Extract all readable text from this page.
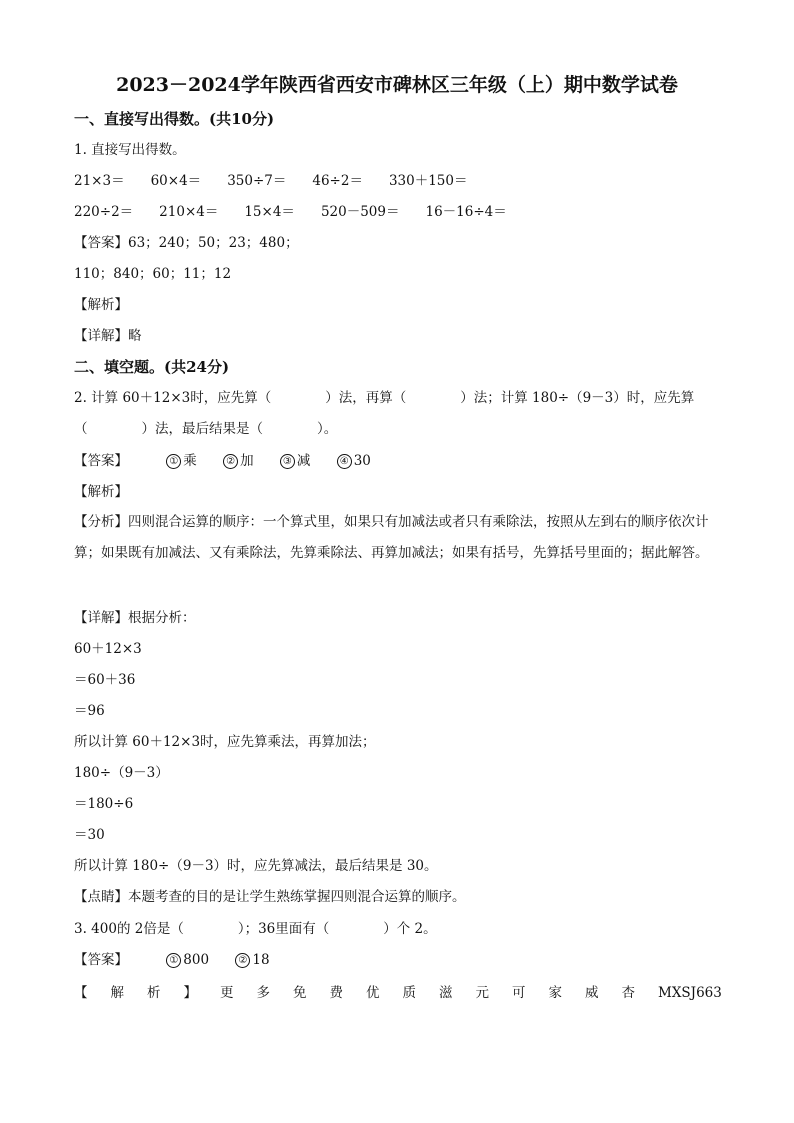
2023－2024学年陕西省西安市碑林区三年级（上）期中数学试卷
一、直接写出得数。(共10分)
1. 直接写出得数。
21×3＝ 60×4＝ 350÷7＝ 46÷2＝ 330＋150＝
220÷2＝ 210×4＝ 15×4＝ 520－509＝ 16－16÷4＝
【答案】63；240；50；23；480；
110；840；60；11；12
【解析】
【详解】略
二、填空题。(共24分)
2. 计算 60＋12×3时，应先算（　　　　）法，再算（　　　　）法；计算 180÷（9－3）时，应先算（　　　　）法，最后结果是（　　　　）。
【答案】	① 乘	② 加	③ 减	④ 30
【解析】
【分析】四则混合运算的顺序：一个算式里，如果只有加减法或者只有乘除法，按照从左到右的顺序依次计算；如果既有加减法、又有乘除法，先算乘除法、再算加减法；如果有括号，先算括号里面的；据此解答。
【详解】根据分析：
60＋12×3
＝60＋36
＝96
所以计算 60＋12×3时，应先算乘法，再算加法；
180÷（9－3）
＝180÷6
＝30
所以计算 180÷（9－3）时，应先算减法，最后结果是 30。
【点睛】本题考查的目的是让学生熟练掌握四则混合运算的顺序。
3. 400的 2倍是（　　　　）；36里面有（　　　　）个 2。
【答案】	① 800	② 18
【 解 析 】 更 多 免 费 优 质 滋 元 可 家 威 杏 MXSJ663
